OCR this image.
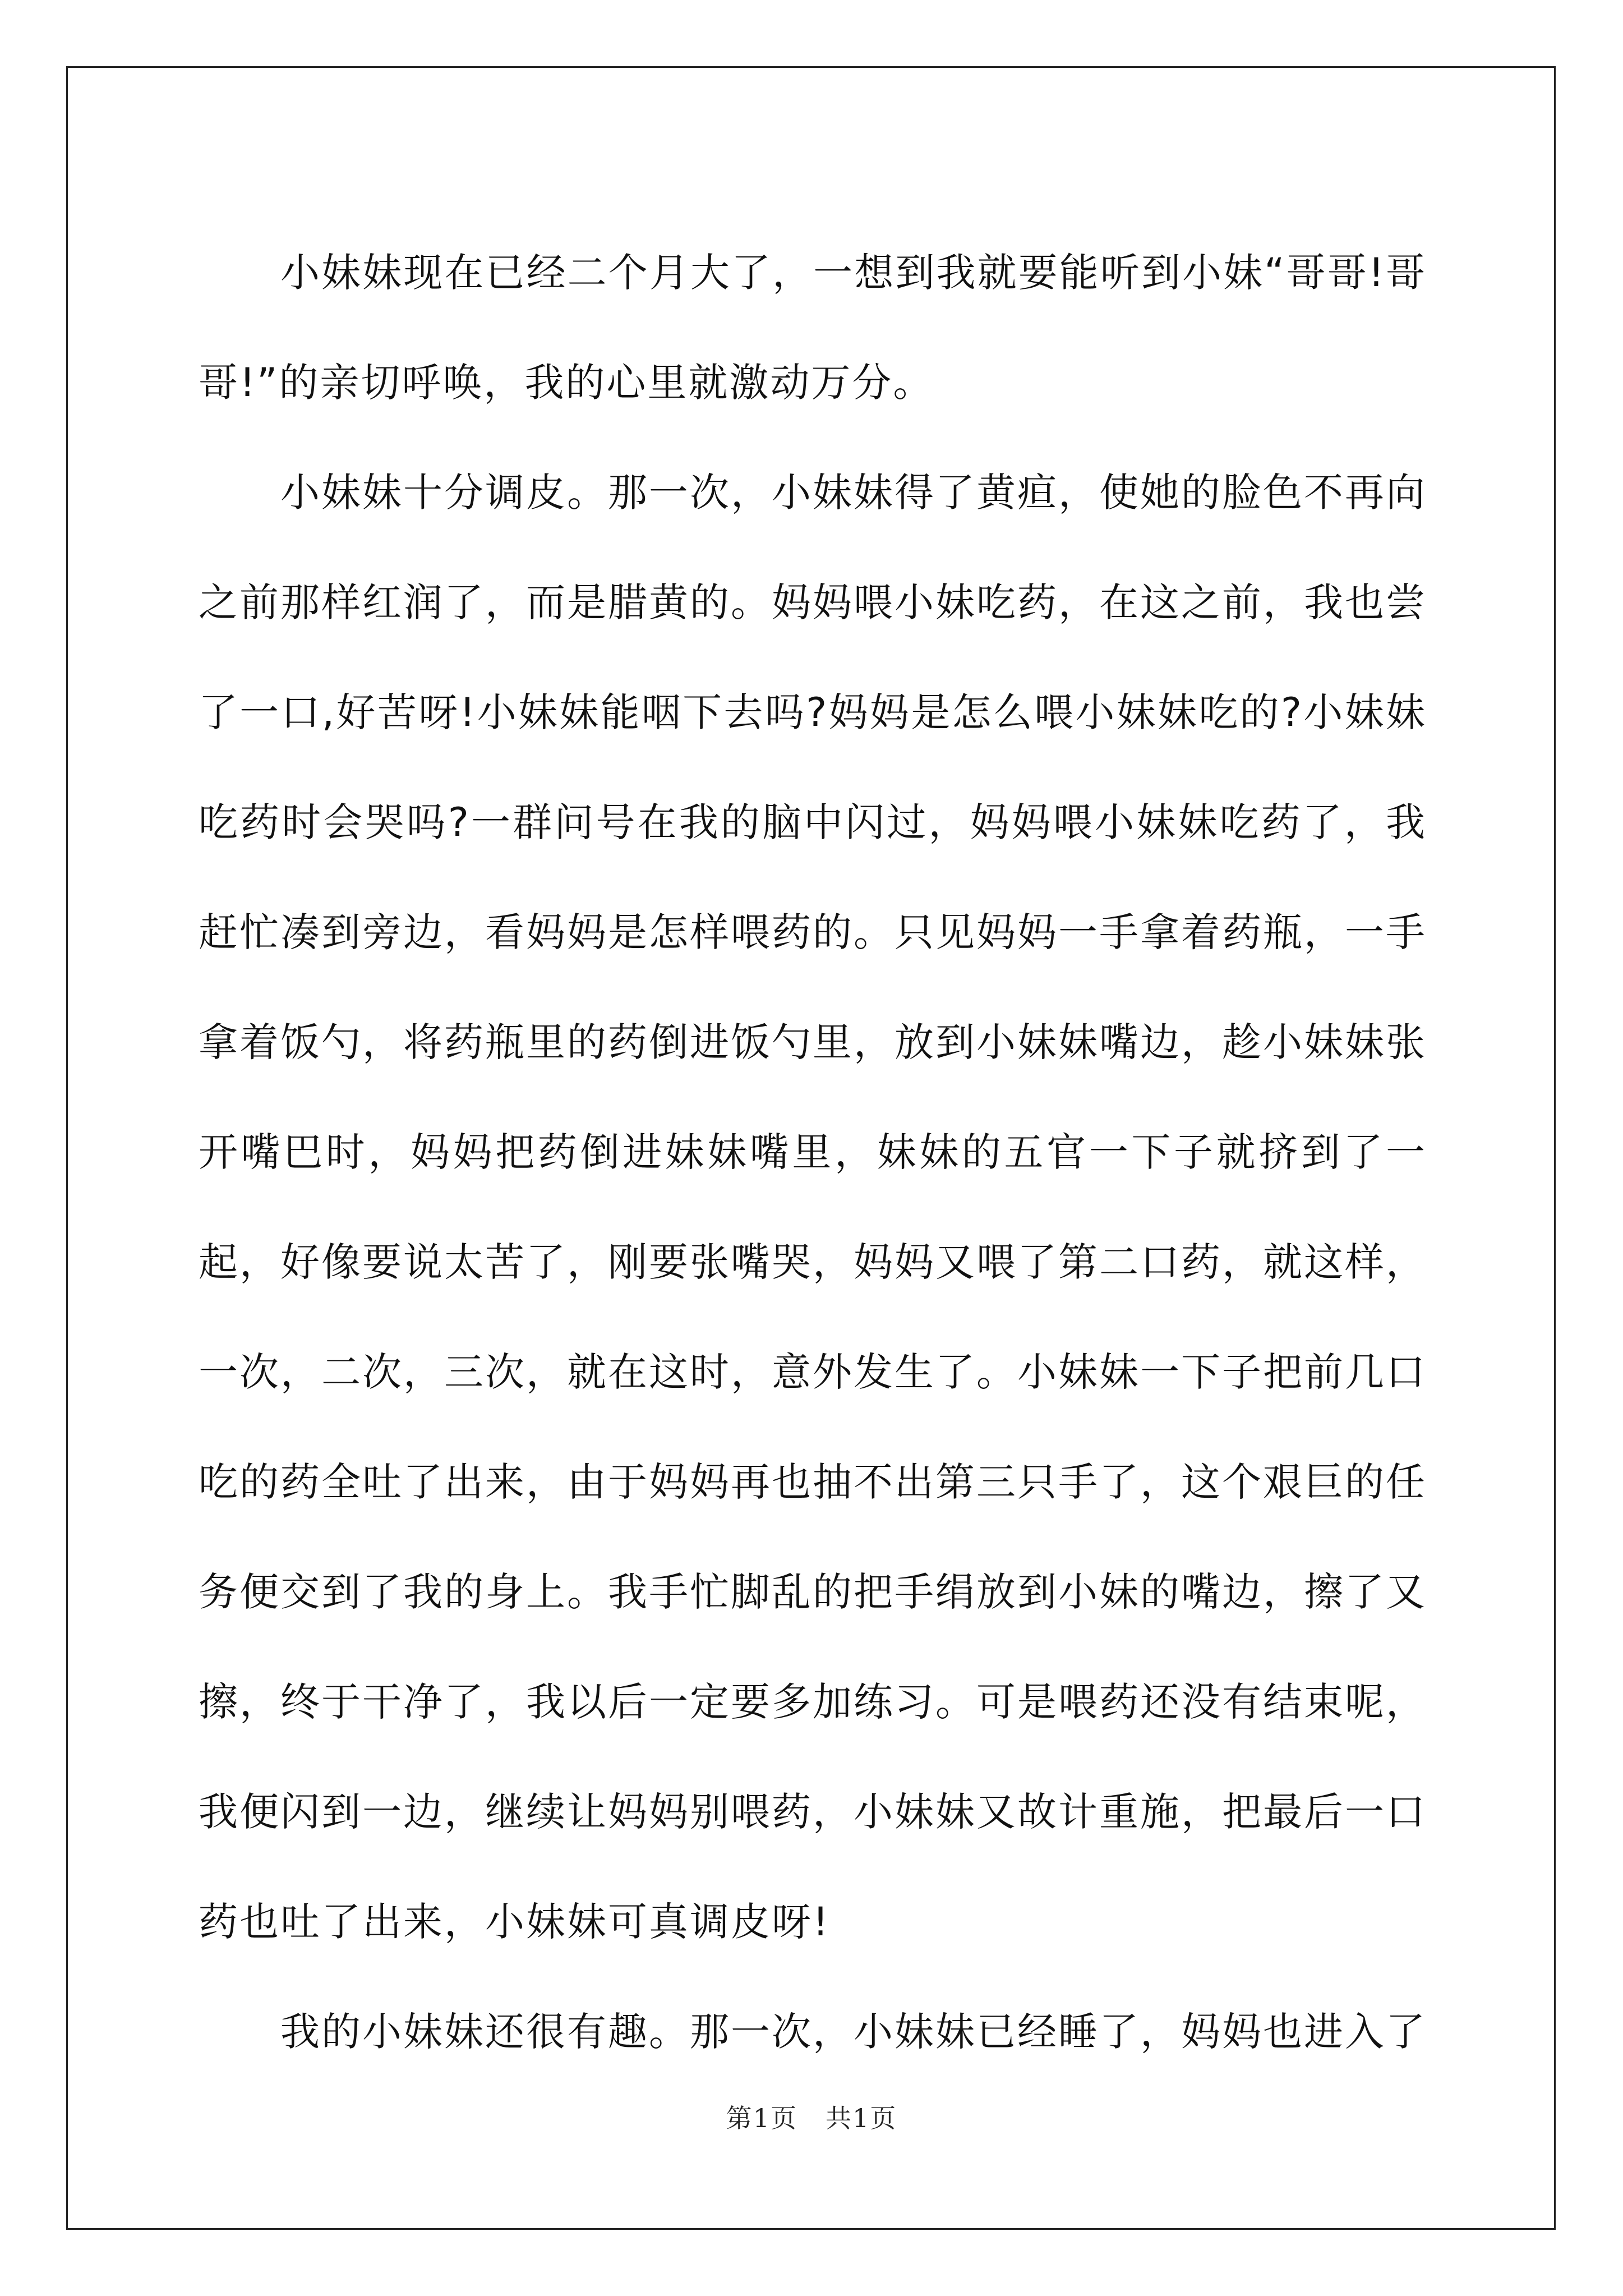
小妹妹现在已经二个月大了，一想到我就要能听到小妹“哥哥!哥哥!”的亲切呼唤，我的心里就激动万分。

小妹妹十分调皮。那一次，小妹妹得了黄疸，使她的脸色不再向之前那样红润了，而是腊黄的。妈妈喂小妹吃药，在这之前，我也尝了一口,好苦呀!小妹妹能咽下去吗?妈妈是怎么喂小妹妹吃的?小妹妹吃药时会哭吗?一群问号在我的脑中闪过，妈妈喂小妹妹吃药了，我赶忙凑到旁边，看妈妈是怎样喂药的。只见妈妈一手拿着药瓶，一手拿着饭勺，将药瓶里的药倒进饭勺里，放到小妹妹嘴边，趁小妹妹张开嘴巴时，妈妈把药倒进妹妹嘴里，妹妹的五官一下子就挤到了一起，好像要说太苦了，刚要张嘴哭，妈妈又喂了第二口药，就这样，一次，二次，三次，就在这时，意外发生了。小妹妹一下子把前几口吃的药全吐了出来，由于妈妈再也抽不出第三只手了，这个艰巨的任务便交到了我的身上。我手忙脚乱的把手绢放到小妹的嘴边，擦了又擦，终于干净了，我以后一定要多加练习。可是喂药还没有结束呢，我便闪到一边，继续让妈妈别喂药，小妹妹又故计重施，把最后一口药也吐了出来，小妹妹可真调皮呀!

我的小妹妹还很有趣。那一次，小妹妹已经睡了，妈妈也进入了

第1页 共1页
